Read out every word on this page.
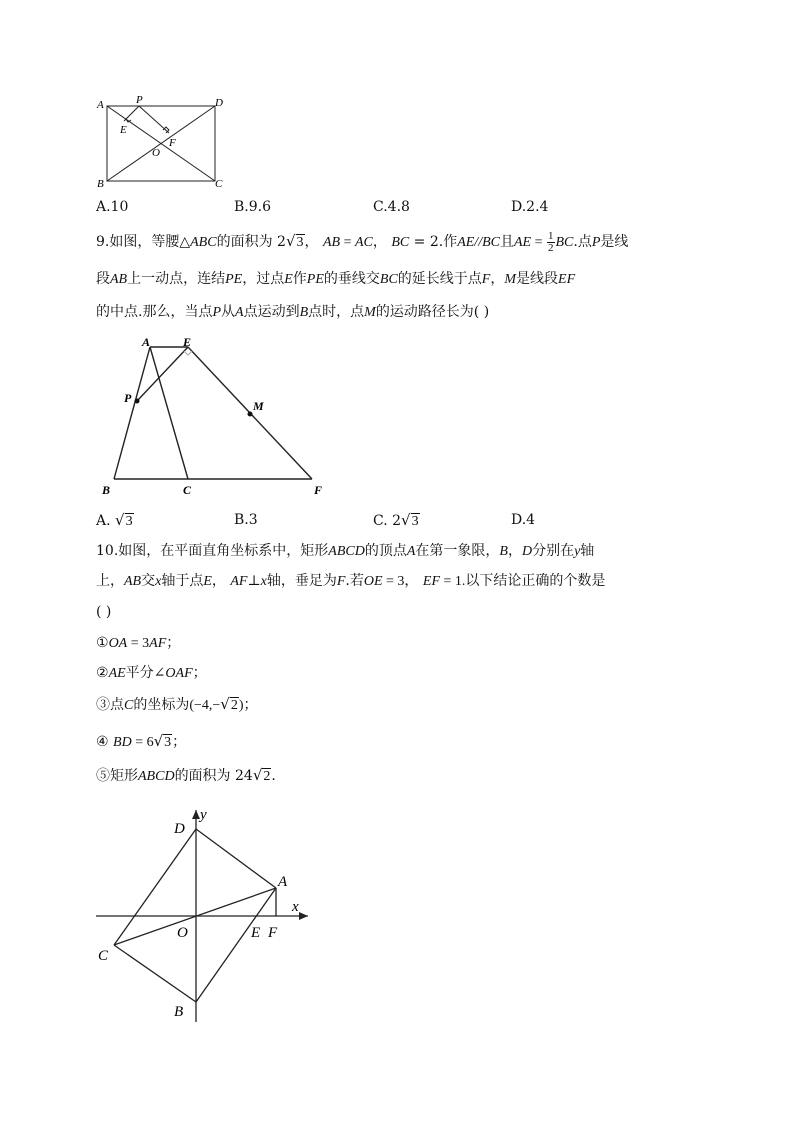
A	P	D
E
O
F
B	C
A.10	B.9.6	C.4.8	D.2.4
9.如图，等腰△ABC的面积为 2√3， AB = AC， BC = 2.作AE//BC且AE = $\frac{1}{2}$ BC.点P是线
段AB上一动点，连结PE，过点E作PE的垂线交BC的延长线于点F，M是线段EF
的中点.那么，当点P从A点运动到B点时，点M的运动路径长为( )
A	E
P
M
B	C	F
A. √3	B.3	C. 2√3	D.4
10.如图，在平面直角坐标系中，矩形ABCD的顶点A在第一象限，B，D分别在y轴
上，AB交x轴于点E， AF⊥x轴，垂足为F.若OE = 3， EF = 1.以下结论正确的个数是
( )
①OA = 3AF；
②AE平分∠OAF；
③点C的坐标为(−4,−√2)；
④ BD = 6√3；
⑤矩形ABCD的面积为 24√2.
D
y
A
x
O	E F
C
B
